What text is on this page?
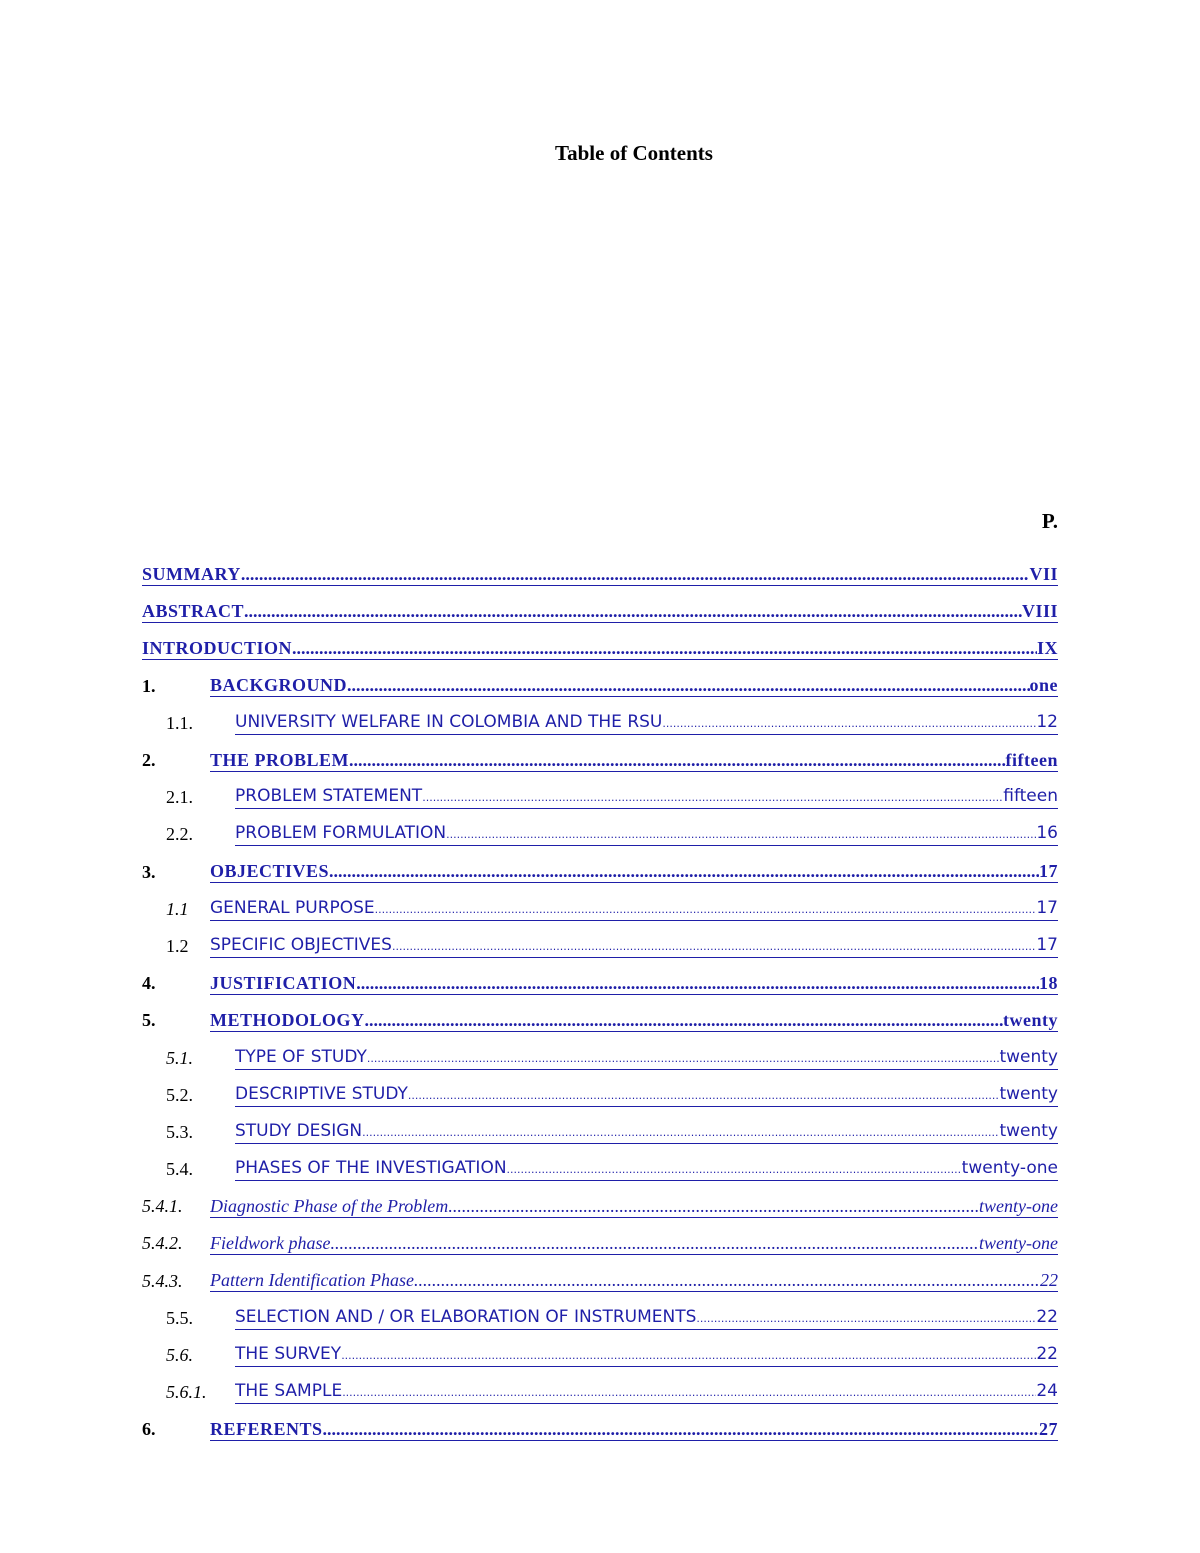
Table of Contents
P.
SUMMARY .....	VII
ABSTRACT .....	VIII
INTRODUCTION .....	IX
1.	BACKGROUND .....	one
1.1.	UNIVERSITY WELFARE IN COLOMBIA AND THE RSU .....	12
2.	THE PROBLEM .....	fifteen
2.1.	PROBLEM STATEMENT .....	fifteen
2.2.	PROBLEM FORMULATION .....	16
3.	OBJECTIVES .....	17
1.1	GENERAL PURPOSE .....	17
1.2	SPECIFIC OBJECTIVES .....	17
4.	JUSTIFICATION .....	18
5.	METHODOLOGY .....	twenty
5.1.	TYPE OF STUDY .....	twenty
5.2.	DESCRIPTIVE STUDY .....	twenty
5.3.	STUDY DESIGN .....	twenty
5.4.	PHASES OF THE INVESTIGATION .....	twenty-one
5.4.1.	Diagnostic Phase of the Problem .....	twenty-one
5.4.2.	Fieldwork phase .....	twenty-one
5.4.3.	Pattern Identification Phase .....	22
5.5.	SELECTION AND / OR ELABORATION OF INSTRUMENTS .....	22
5.6.	THE SURVEY .....	22
5.6.1.	THE SAMPLE .....	24
6.	REFERENTS .....	27
